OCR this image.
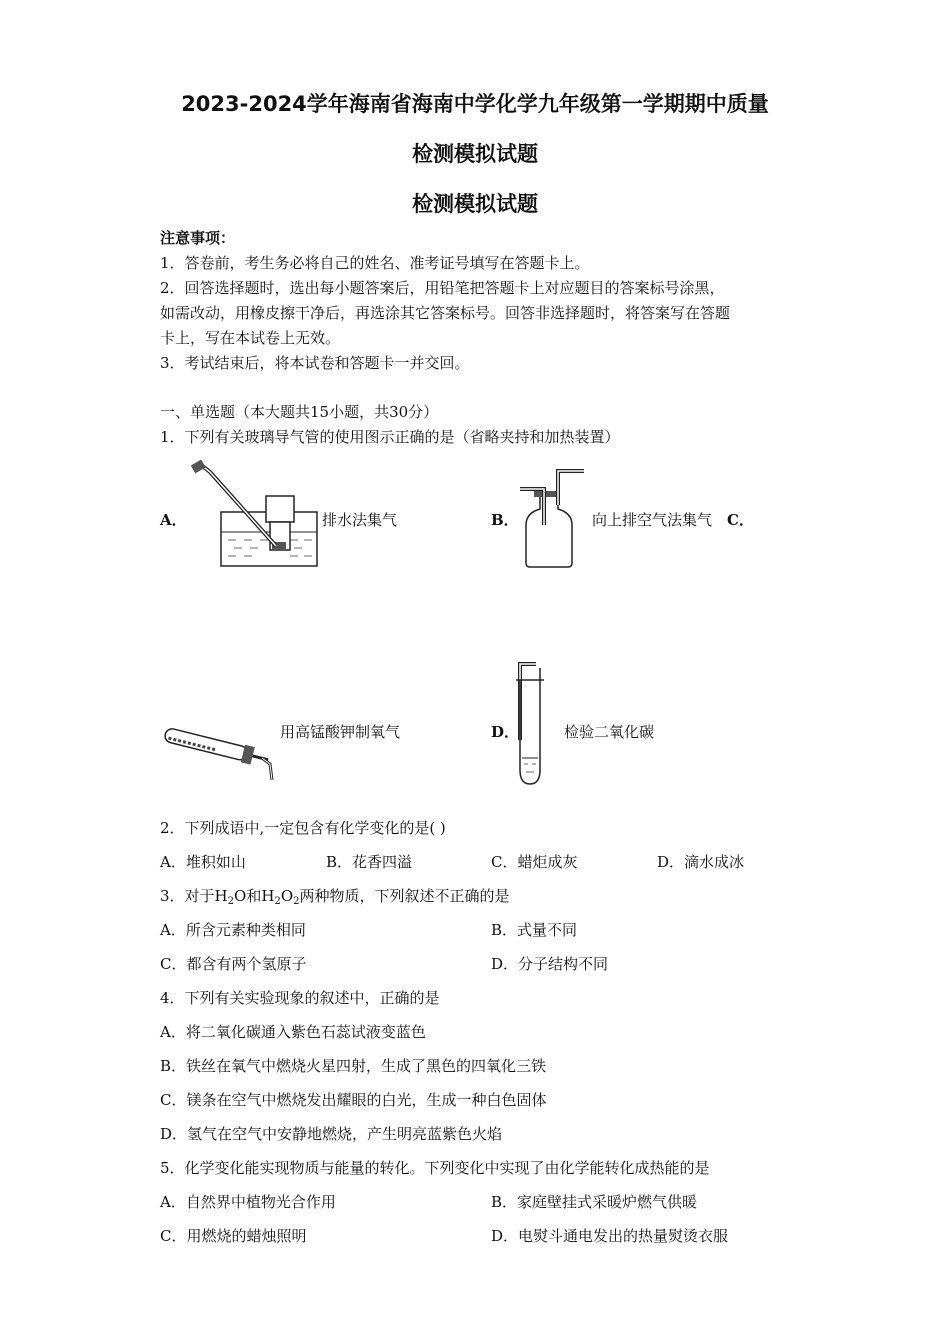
2023-2024学年海南省海南中学化学九年级第一学期期中质量
检测模拟试题
检测模拟试题
注意事项：
1．答卷前，考生务必将自己的姓名、准考证号填写在答题卡上。
2．回答选择题时，选出每小题答案后，用铅笔把答题卡上对应题目的答案标号涂黑，
如需改动，用橡皮擦干净后，再选涂其它答案标号。回答非选择题时，将答案写在答题
卡上，写在本试卷上无效。
3．考试结束后，将本试卷和答题卡一并交回。
一、单选题（本大题共15小题，共30分）
1．下列有关玻璃导气管的使用图示正确的是（省略夹持和加热装置）
A．	排水法集气	B．	向上排空气法集气 C．
用高锰酸钾制氧气	D．	检验二氧化碳
2．下列成语中,一定包含有化学变化的是( )
A．堆积如山	B．花香四溢	C．蜡炬成灰	D．滴水成冰
3．对于$H_2O$和$H_2O_2$两种物质，下列叙述不正确的是
A．所含元素种类相同	B．式量不同
C．都含有两个氢原子	D．分子结构不同
4．下列有关实验现象的叙述中，正确的是
A．将二氧化碳通入紫色石蕊试液变蓝色
B．铁丝在氧气中燃烧火星四射，生成了黑色的四氧化三铁
C．镁条在空气中燃烧发出耀眼的白光，生成一种白色固体
D．氢气在空气中安静地燃烧，产生明亮蓝紫色火焰
5．化学变化能实现物质与能量的转化。下列变化中实现了由化学能转化成热能的是
A．自然界中植物光合作用	B．家庭壁挂式采暖炉燃气供暖
C．用燃烧的蜡烛照明	D．电熨斗通电发出的热量熨烫衣服
